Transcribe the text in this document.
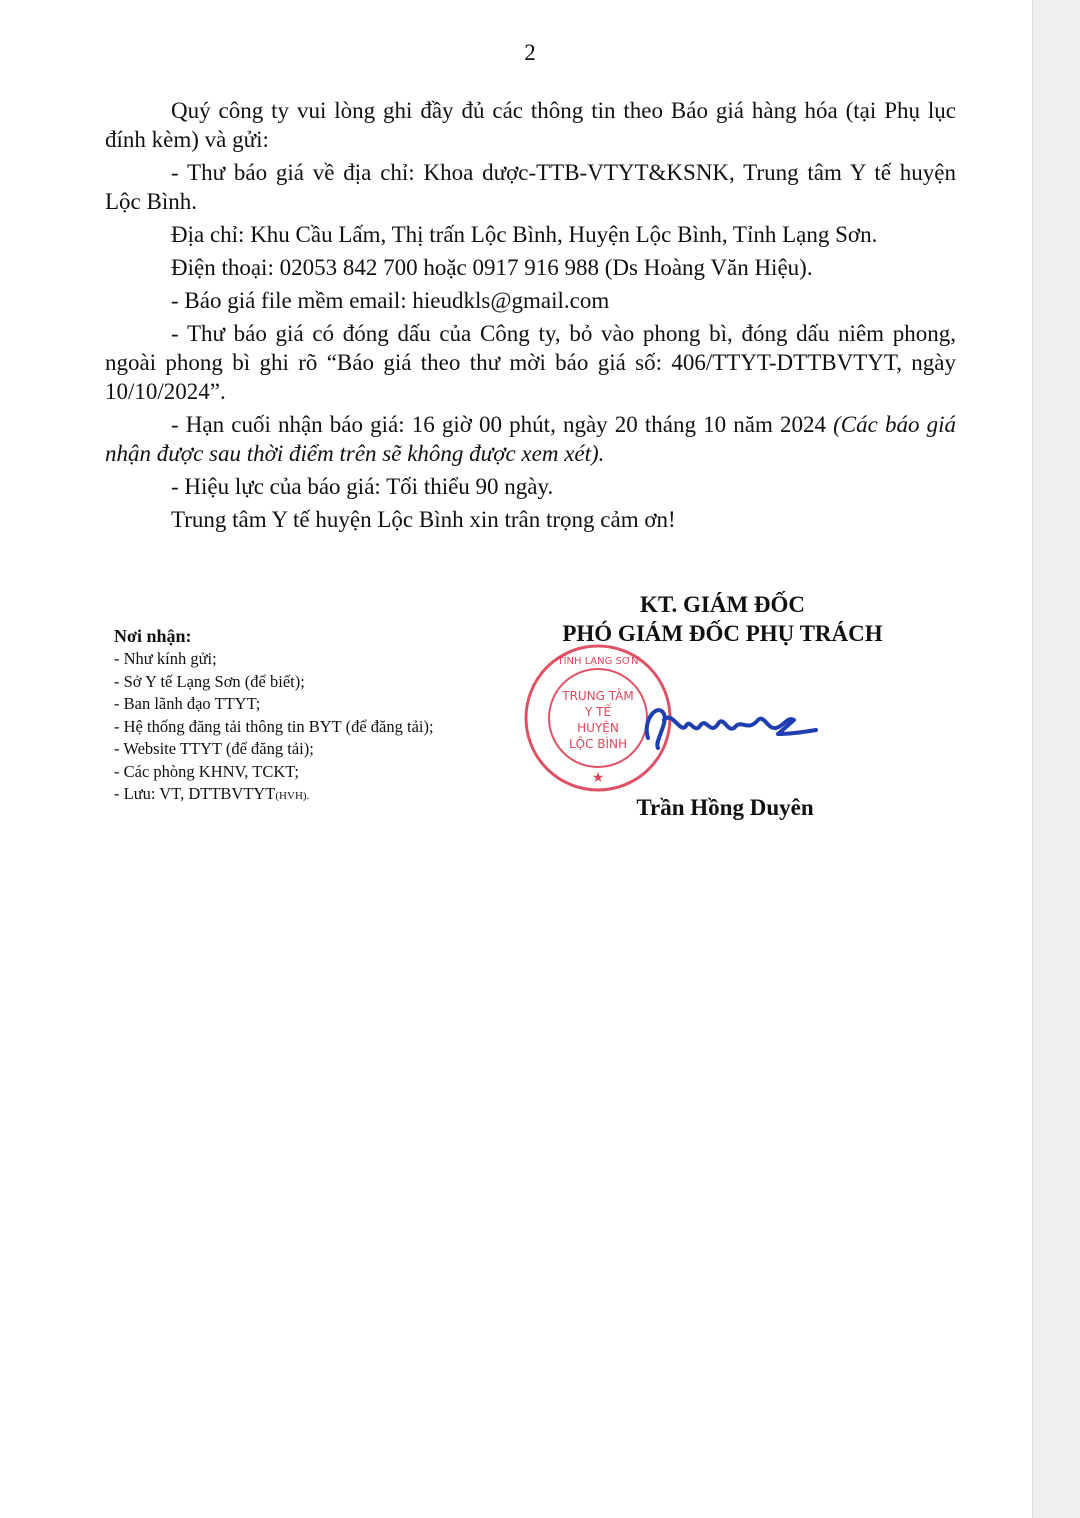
2

Quý công ty vui lòng ghi đầy đủ các thông tin theo Báo giá hàng hóa (tại Phụ lục đính kèm) và gửi:

- Thư báo giá về địa chỉ: Khoa dược-TTB-VTYT&KSNK, Trung tâm Y tế huyện Lộc Bình.

Địa chỉ: Khu Cầu Lấm, Thị trấn Lộc Bình, Huyện Lộc Bình, Tỉnh Lạng Sơn.

Điện thoại: 02053 842 700 hoặc 0917 916 988 (Ds Hoàng Văn Hiệu).

- Báo giá file mềm email: hieudkls@gmail.com

- Thư báo giá có đóng dấu của Công ty, bỏ vào phong bì, đóng dấu niêm phong, ngoài phong bì ghi rõ “Báo giá theo thư mời báo giá số: 406/TTYT-DTTBVTYT, ngày 10/10/2024”.

- Hạn cuối nhận báo giá: 16 giờ 00 phút, ngày 20 tháng 10 năm 2024 (Các báo giá nhận được sau thời điểm trên sẽ không được xem xét).

- Hiệu lực của báo giá: Tối thiểu 90 ngày.

Trung tâm Y tế huyện Lộc Bình xin trân trọng cảm ơn!

Nơi nhận:
- Như kính gửi;
- Sở Y tế Lạng Sơn (để biết);
- Ban lãnh đạo TTYT;
- Hệ thống đăng tải thông tin BYT (để đăng tải);
- Website TTYT (để đăng tải);
- Các phòng KHNV, TCKT;
- Lưu: VT, DTTBVTYT(HVH).
KT. GIÁM ĐỐC
PHÓ GIÁM ĐỐC PHỤ TRÁCH
TRUNG TÂM
Y TẾ
HUYỆN
LỘC BÌNH
TỈNH LẠNG SƠN
★
Trần Hồng Duyên
